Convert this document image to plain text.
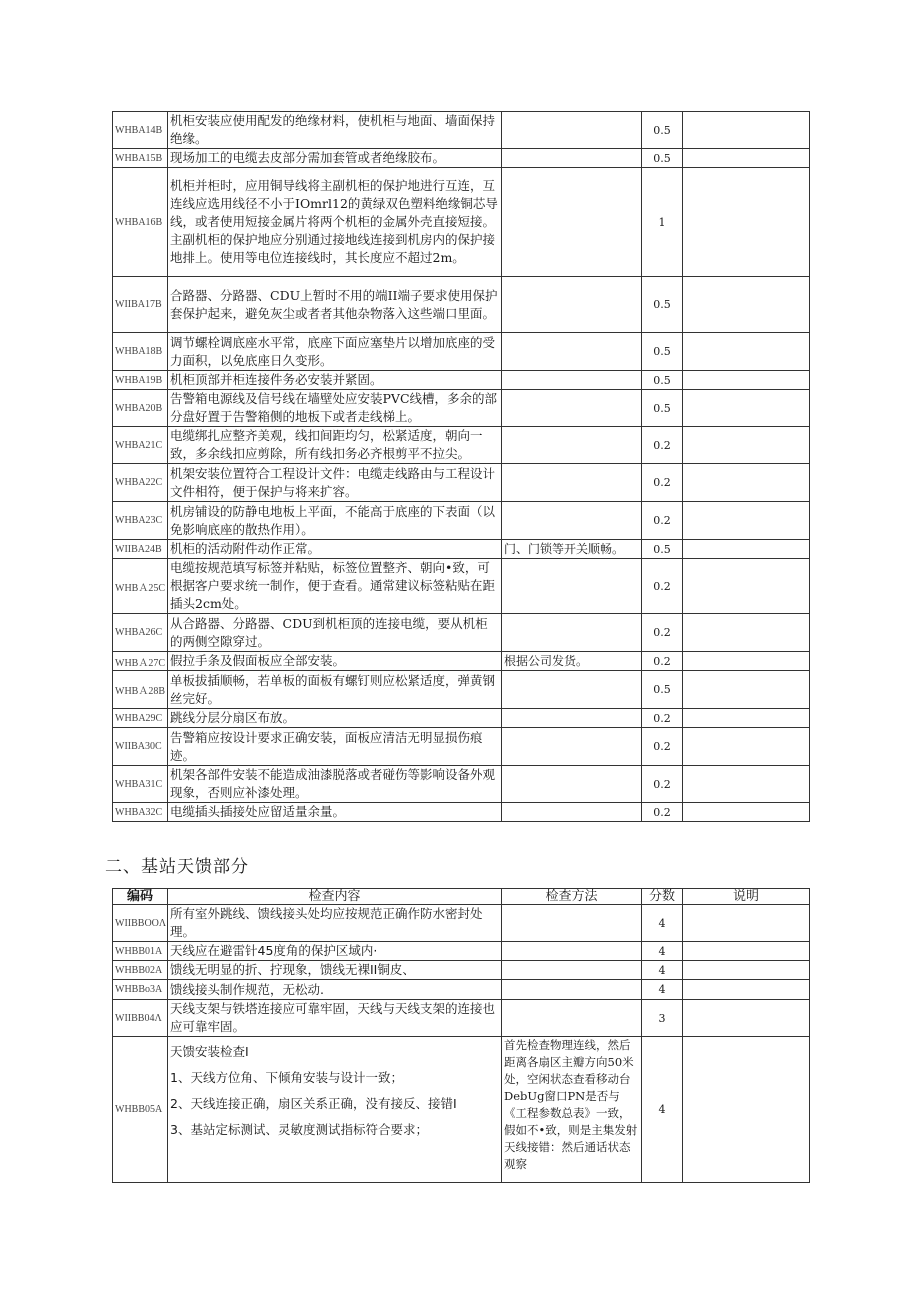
WHBA14B	机柜安装应使用配发的绝缘材料，使机柜与地面、墙面保持绝缘。		0.5	
WHBA15B	现场加工的电缆去皮部分需加套管或者绝缘胶布。		0.5	
WHBA16B	机柜并柜时，应用铜导线将主副机柜的保护地进行互连，互连线应选用线径不小于IOmrl12的黄绿双色塑料绝缘铜芯导线，或者使用短接金属片将两个机柜的金属外壳直接短接。主副机柜的保护地应分别通过接地线连接到机房内的保护接地排上。使用等电位连接线时，其长度应不超过2m。		1	
WIIBA17B	合路器、分路器、CDU上暂时不用的端II端子要求使用保护套保护起来，避免灰尘或者者其他杂物落入这些端口里面。		0.5	
WHBA18B	调节螺栓调底座水平常，底座下面应塞垫片以增加底座的受力面积，以免底座日久变形。		0.5	
WHBA19B	机柜顶部并柜连接件务必安装并紧固。		0.5	
WHBA20B	告警箱电源线及信号线在墙壁处应安装PVC线槽，多余的部分盘好置于告警箱侧的地板下或者走线梯上。		0.5	
WHBA21C	电缆绑扎应整齐美观，线扣间距均匀，松紧适度，朝向一致，多余线扣应剪除，所有线扣务必齐根剪平不拉尖。		0.2	
WHBA22C	机架安装位置符合工程设计文件：电缆走线路由与工程设计文件相符，便于保护与将来扩容。		0.2	
WHBA23C	机房铺设的防静电地板上平面，不能高于底座的下表面（以免影响底座的散热作用）。		0.2	
WIIBA24B	机柜的活动附件动作正常。	门、门锁等开关顺畅。	0.5	
WHBＡ25C	电缆按规范填写标签并粘贴，标签位置整齐、朝向•致，可根据客户要求统一制作，便于查看。通常建议标签粘贴在距插头2cm处。		0.2	
WHBA26C	从合路器、分路器、CDU到机柜顶的连接电缆，要从机柜的两侧空隙穿过。		0.2	
WHBＡ27C	假拉手条及假面板应全部安装。	根据公司发货。	0.2	
WHBＡ28B	单板拔插顺畅，若单板的面板有螺钉则应松紧适度，弹黄钢丝完好。		0.5	
WHBA29C	跳线分层分扇区布放。		0.2	
WIIBA30C	告警箱应按设计要求正确安装，面板应清洁无明显损伤痕迹。		0.2	
WHBA31C	机架各部件安装不能造成油漆脱落或者碰伤等影响设备外观现象，否则应补漆处理。		0.2	
WHBA32C	电缆插头插接处应留适量余量。		0.2	
二、基站天馈部分
编码	检查内容	检查方法	分数	说明
WIIBBOOΛ	所有室外跳线、馈线接头处均应按规范正确作防水密封处理。		4	
WHBB01A	天线应在避雷针45度角的保护区域内·		4	
WHBB02A	馈线无明显的折、拧现象，馈线无裸II铜皮、		4	
WHBBo3A	馈线接头制作规范，无松动.		4	
WIIBB04Λ	天线支架与铁塔连接应可靠牢固，天线与天线支架的连接也应可靠牢固。		3	
WHBB05A	天馈安装检查I
1、天线方位角、下倾角安装与设计一致；
2、天线连接正确，扇区关系正确，没有接反、接错I
3、基站定标测试、灵敏度测试指标符合要求；	首先检查物理连线，然后距离各扇区主瓣方向50米处，空闲状态查看移动台DebUg窗口PN是否与《工程参数总表》一致，假如不•致，则是主集发射天线接错：然后通话状态观察	4	
